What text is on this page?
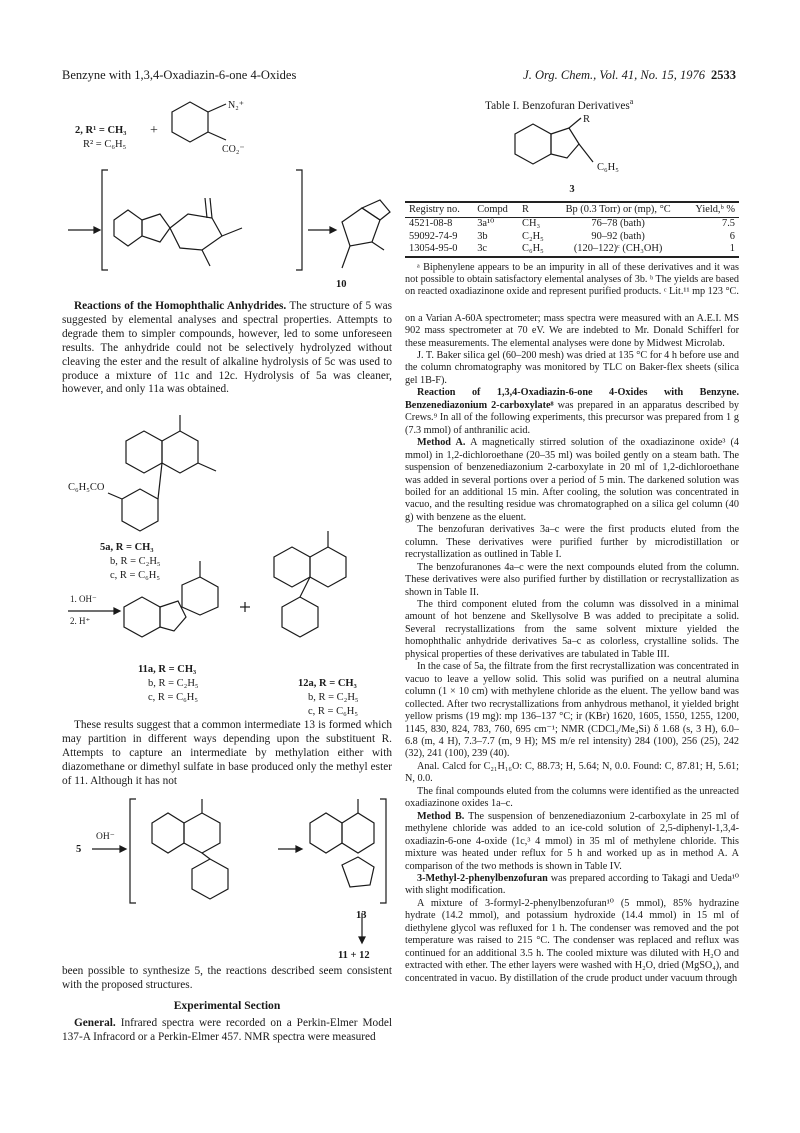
Benzyne with 1,3,4-Oxadiazin-6-one 4-Oxides	J. Org. Chem., Vol. 41, No. 15, 1976 2533
N₂⁺
CO₂⁻
2, R¹ = CH₃
R² = C₆H₅
+
10

Reactions of the Homophthalic Anhydrides. The structure of 5 was suggested by elemental analyses and spectral properties. Attempts to degrade them to simpler compounds, however, led to some unforeseen results. The anhydride could not be selectively hydrolyzed without cleaving the ester and the result of alkaline hydrolysis of 5c was used to produce a mixture of 11c and 12c. Hydrolysis of 5a was cleaner, however, and only 11a was obtained.

C₆H₅CO
5a, R = CH₃
b, R = C₂H₅
c, R = C₆H₅
1. OH⁻
2. H⁺
11a, R = CH₃
b, R = C₂H₅
c, R = C₆H₅
12a, R = CH₃
b, R = C₂H₅
c, R = C₆H₅

These results suggest that a common intermediate 13 is formed which may partition in different ways depending upon the substituent R. Attempts to capture an intermediate by methylation either with diazomethane or dimethyl sulfate in base produced only the methyl ester of 11. Although it has not

5
OH⁻
13
11 + 12

been possible to synthesize 5, the reactions described seem consistent with the proposed structures.

Experimental Section

General. Infrared spectra were recorded on a Perkin-Elmer Model 137-A Infracord or a Perkin-Elmer 457. NMR spectra were measured

Table I. Benzofuran Derivatives$^a$
R
C₆H₅
3
Registry no.	Compd	R	Bp (0.3 Torr) or (mp), °C	Yield,ᵇ %

4521-08-8	3a¹⁰	CH₃	76–78 (bath)	7.5
59092-74-9	3b	C₂H₅	90–92 (bath)	6
13054-95-0	3c	C₆H₅	(120–122)ᶜ (CH₃OH)	1

ᵃ Biphenylene appears to be an impurity in all of these derivatives and it was not possible to obtain satisfactory elemental analyses of 3b. ᵇ The yields are based on reacted oxadiazinone oxide and represent purified products. ᶜ Lit.¹¹ mp 123 °C.

on a Varian A-60A spectrometer; mass spectra were measured with an A.E.I. MS 902 mass spectrometer at 70 eV. We are indebted to Mr. Donald Schifferl for these measurements. The elemental analyses were done by Midwest Microlab.

J. T. Baker silica gel (60–200 mesh) was dried at 135 °C for 4 h before use and the column chromatography was monitored by TLC on Baker-flex sheets (silica gel 1B-F).

Reaction of 1,3,4-Oxadiazin-6-one 4-Oxides with Benzyne. Benzenediazonium 2-carboxylate⁸ was prepared in an apparatus described by Crews.⁹ In all of the following experiments, this precursor was prepared from 1 g (7.3 mmol) of anthranilic acid.

Method A. A magnetically stirred solution of the oxadiazinone oxide³ (4 mmol) in 1,2-dichloroethane (20–35 ml) was boiled gently on a steam bath. The suspension of benzenediazonium 2-carboxylate in 20 ml of 1,2-dichloroethane was added in several portions over a period of 5 min. The darkened solution was boiled for an additional 15 min. After cooling, the solution was concentrated in vacuo, and the resulting residue was chromatographed on a silica gel column (40 g) with benzene as the eluent.

The benzofuran derivatives 3a–c were the first products eluted from the column. These derivatives were purified further by microdistillation or recrystallization as outlined in Table I.

The benzofuranones 4a–c were the next compounds eluted from the column. These derivatives were also purified further by distillation or recrystallization as shown in Table II.

The third component eluted from the column was dissolved in a minimal amount of hot benzene and Skellysolve B was added to precipitate a solid. Several recrystallizations from the same solvent mixture yielded the homophthalic anhydride derivatives 5a–c as colorless, crystalline solids. The physical properties of these derivatives are tabulated in Table III.

In the case of 5a, the filtrate from the first recrystallization was concentrated in vacuo to leave a yellow solid. This solid was purified on a neutral alumina column (1 × 10 cm) with methylene chloride as the eluent. The yellow band was collected. After two recrystallizations from anhydrous methanol, it yielded bright yellow prisms (19 mg): mp 136–137 °C; ir (KBr) 1620, 1605, 1550, 1255, 1200, 1145, 830, 824, 783, 760, 695 cm⁻¹; NMR (CDCl₃/Me₄Si) δ 1.68 (s, 3 H), 6.0–6.8 (m, 4 H), 7.3–7.7 (m, 9 H); MS m/e rel intensity) 284 (100), 256 (25), 242 (32), 241 (100), 239 (40).

Anal. Calcd for C₂₁H₁₆O: C, 88.73; H, 5.64; N, 0.0. Found: C, 87.81; H, 5.61; N, 0.0.

The final compounds eluted from the columns were identified as the unreacted oxadiazinone oxides 1a–c.

Method B. The suspension of benzenediazonium 2-carboxylate in 25 ml of methylene chloride was added to an ice-cold solution of 2,5-diphenyl-1,3,4-oxadiazin-6-one 4-oxide (1c,³ 4 mmol) in 35 ml of methylene chloride. This mixture was heated under reflux for 5 h and worked up as in method A. A comparison of the two methods is shown in Table IV.

3-Methyl-2-phenylbenzofuran was prepared according to Takagi and Ueda¹⁰ with slight modification.

A mixture of 3-formyl-2-phenylbenzofuran¹⁰ (5 mmol), 85% hydrazine hydrate (14.2 mmol), and potassium hydroxide (14.4 mmol) in 15 ml of diethylene glycol was refluxed for 1 h. The condenser was removed and the pot temperature was raised to 215 °C. The condenser was replaced and reflux was continued for an additional 3.5 h. The cooled mixture was diluted with H₂O and extracted with ether. The ether layers were washed with H₂O, dried (MgSO₄), and concentrated in vacuo. By distillation of the crude product under vacuum through
